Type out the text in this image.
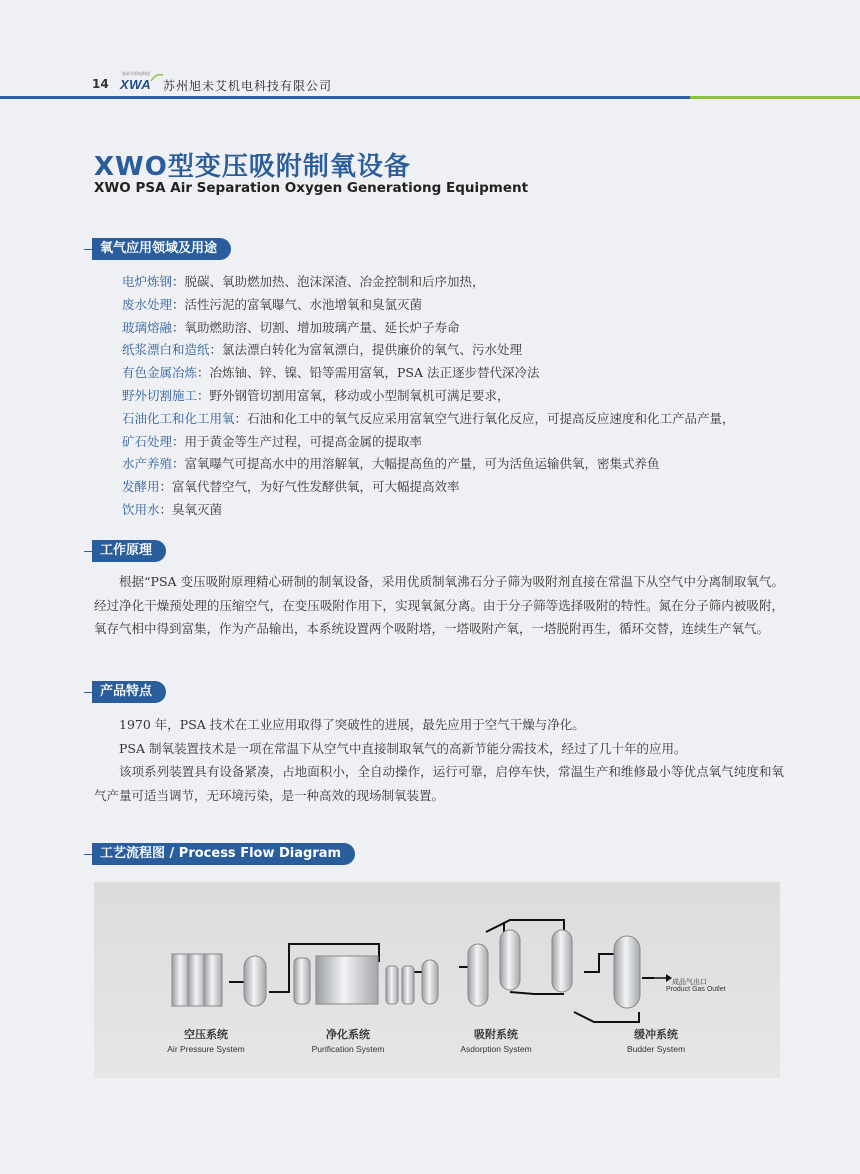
14
旭未艾机电科技
XWA 苏州旭未艾机电科技有限公司
XWO型变压吸附制氧设备
XWO PSA Air Separation Oxygen Generationg Equipment
氧气应用领域及用途
电炉炼钢：脱碳、氧助燃加热、泡沫深渣、冶金控制和后序加热，
废水处理：活性污泥的富氧曝气、水池增氧和臭氯灭菌
玻璃熔融：氧助燃助溶、切割、增加玻璃产量、延长炉子寿命
纸浆漂白和造纸：氯法漂白转化为富氧漂白，提供廉价的氧气、污水处理
有色金属冶炼：冶炼铀、锌、镍、铅等需用富氧，PSA 法正逐步替代深冷法
野外切割施工：野外钢管切割用富氧，移动或小型制氧机可满足要求，
石油化工和化工用氧：石油和化工中的氧气反应采用富氧空气进行氧化反应，可提高反应速度和化工产品产量，
矿石处理：用于黄金等生产过程，可提高金属的提取率
水产养殖：富氧曝气可提高水中的用溶解氧，大幅提高鱼的产量，可为活鱼运输供氧，密集式养鱼
发酵用：富氧代替空气，为好气性发酵供氧，可大幅提高效率
饮用水：臭氧灭菌
工作原理

根据“PSA 变压吸附原理精心研制的制氧设备，采用优质制氧沸石分子筛为吸附剂直接在常温下从空气中分离制取氧气。经过净化干燥预处理的压缩空气，在变压吸附作用下，实现氧氮分离。由于分子筛等选择吸附的特性。氮在分子筛内被吸附，氧存气相中得到富集，作为产品输出，本系统设置两个吸附塔，一塔吸附产氧，一塔脱附再生，循环交替，连续生产氧气。

产品特点

1970 年，PSA 技术在工业应用取得了突破性的进展，最先应用于空气干燥与净化。

PSA 制氧装置技术是一项在常温下从空气中直接制取氧气的高新节能分需技术，经过了几十年的应用。

该项系列装置具有设备紧凑，占地面积小，全自动操作，运行可靠，启停车快，常温生产和维修最小等优点氧气纯度和氧气产量可适当调节，无环境污染，是一种高效的现场制氧装置。

工艺流程图 / Process Flow Diagram
成品气出口
Product Gas Outlet
空压系统
Air Pressure System
净化系统
Purification System
吸附系统
Asdorption System
缓冲系统
Budder System
